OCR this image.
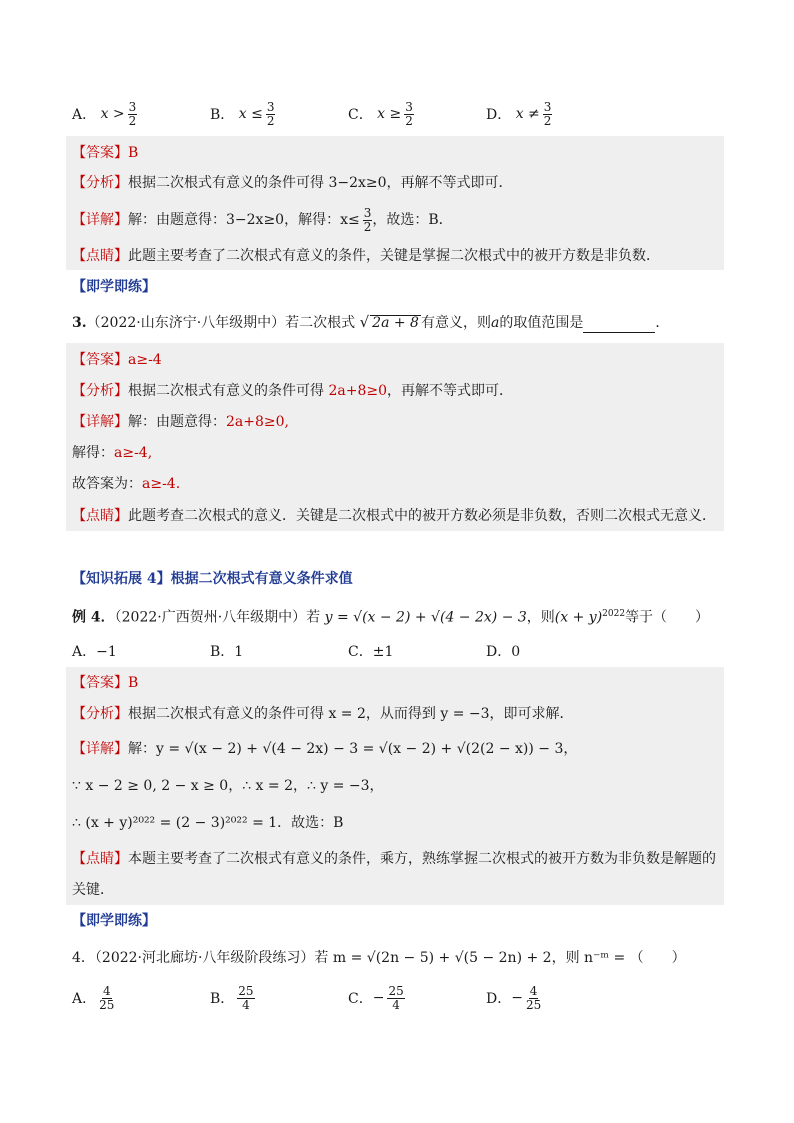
A．
$x > \frac{3}{2}$	B．
$x \le \frac{3}{2}$	C．
$x \ge \frac{3}{2}$	D．
$x \ne \frac{3}{2}$
【答案】B
【分析】根据二次根式有意义的条件可得 3−2x≥0，再解不等式即可．
【详解】 解：由题意得：3−2x≥0，解得：$x\le \frac{3}{2}$ ，故选：B．
【点睛】此题主要考查了二次根式有意义的条件，关键是掌握二次根式中的被开方数是非负数．
【即学即练】
3.（2022·山东济宁·八年级期中）若二次根式 √ 2a + 8 有意义，则a的取值范围是	．
【答案】a≥-4
【分析】根据二次根式有意义的条件可得 2a+8≥0，再解不等式即可．
【详解】解：由题意得：2a+8≥0,
解得：a≥-4,
故答案为：a≥-4.
【点睛】此题考查二次根式的意义．关键是二次根式中的被开方数必须是非负数，否则二次根式无意义．
【知识拓展 4】根据二次根式有意义条件求值
例 4．（2022·广西贺州·八年级期中）若 y = √(x − 2) + √(4 − 2x) − 3，则$(x + y)^{2022}$等于（　　）
A．−1	B．1	C．±1	D．0
【答案】B
【分析】根据二次根式有意义的条件可得 x = 2，从而得到 y = −3，即可求解．
【详解】解：y = √(x − 2) + √(4 − 2x) − 3 = √(x − 2) + √(2(2 − x)) − 3，
∵ x − 2 ≥ 0, 2 − x ≥ 0，∴ x = 2，∴ y = −3，
∴ (x + y)²⁰²² = (2 − 3)²⁰²² = 1．故选：B
【点睛】本题主要考查了二次根式有意义的条件，乘方，熟练掌握二次根式的被开方数为非负数是解题的
关键．
【即学即练】
4．（2022·河北廊坊·八年级阶段练习）若 m = √(2n − 5) + √(5 − 2n) + 2，则 n⁻ᵐ = （　　）
A． $\frac{4}{25}$	B． $\frac{25}{4}$	C． − $\frac{25}{4}$	D． − $\frac{4}{25}$
